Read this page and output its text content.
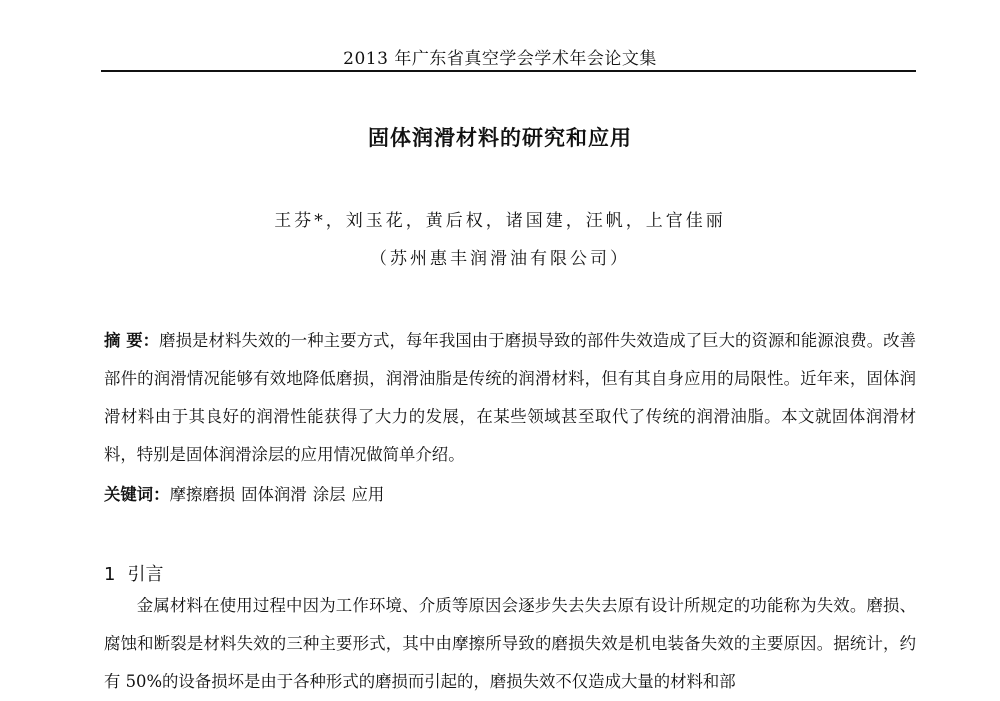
2013 年广东省真空学会学术年会论文集
固体润滑材料的研究和应用
王芬*，刘玉花，黄后权，诸国建，汪帆，上官佳丽
（苏州惠丰润滑油有限公司）
摘 要：磨损是材料失效的一种主要方式，每年我国由于磨损导致的部件失效造成了巨大的资源和能源浪费。改善部件的润滑情况能够有效地降低磨损，润滑油脂是传统的润滑材料，但有其自身应用的局限性。近年来，固体润滑材料由于其良好的润滑性能获得了大力的发展，在某些领域甚至取代了传统的润滑油脂。本文就固体润滑材料，特别是固体润滑涂层的应用情况做简单介绍。
关键词：摩擦磨损 固体润滑 涂层 应用
1 引言
金属材料在使用过程中因为工作环境、介质等原因会逐步失去失去原有设计所规定的功能称为失效。磨损、腐蚀和断裂是材料失效的三种主要形式，其中由摩擦所导致的磨损失效是机电装备失效的主要原因。据统计，约有 50%的设备损坏是由于各种形式的磨损而引起的，磨损失效不仅造成大量的材料和部
